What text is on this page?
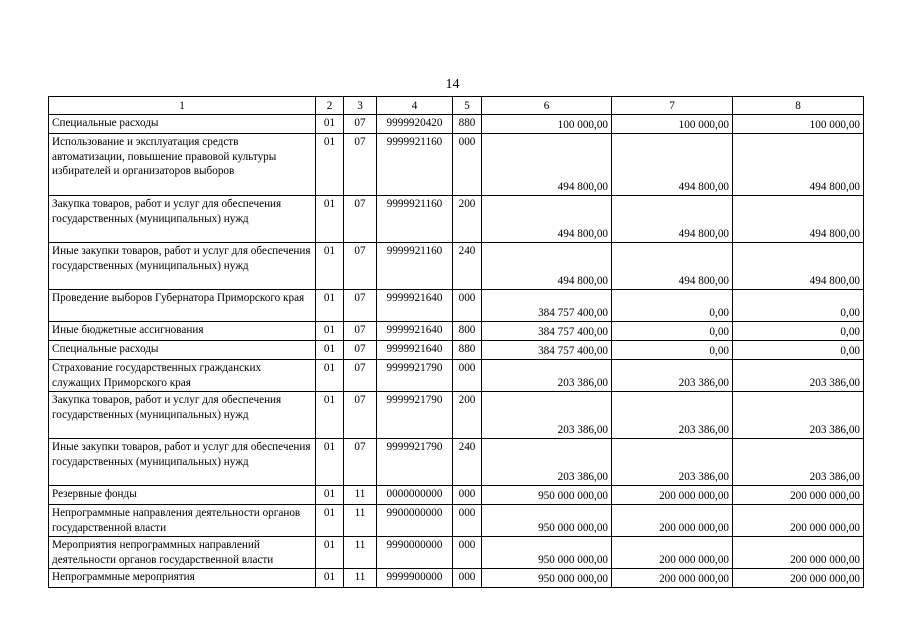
14
1	2	3	4	5	6	7	8
Специальные расходы	01	07	9999920420	880	100 000,00	100 000,00	100 000,00
Использование и эксплуатация средств автоматизации, повышение правовой культуры избирателей и организаторов выборов	01	07	9999921160	000	494 800,00	494 800,00	494 800,00
Закупка товаров, работ и услуг для обеспечения государственных (муниципальных) нужд	01	07	9999921160	200	494 800,00	494 800,00	494 800,00
Иные закупки товаров, работ и услуг для обеспечения государственных (муниципальных) нужд	01	07	9999921160	240	494 800,00	494 800,00	494 800,00
Проведение выборов Губернатора Приморского края	01	07	9999921640	000	384 757 400,00	0,00	0,00
Иные бюджетные ассигнования	01	07	9999921640	800	384 757 400,00	0,00	0,00
Специальные расходы	01	07	9999921640	880	384 757 400,00	0,00	0,00
Страхование государственных гражданских служащих Приморского края	01	07	9999921790	000	203 386,00	203 386,00	203 386,00
Закупка товаров, работ и услуг для обеспечения государственных (муниципальных) нужд	01	07	9999921790	200	203 386,00	203 386,00	203 386,00
Иные закупки товаров, работ и услуг для обеспечения государственных (муниципальных) нужд	01	07	9999921790	240	203 386,00	203 386,00	203 386,00
Резервные фонды	01	11	0000000000	000	950 000 000,00	200 000 000,00	200 000 000,00
Непрограммные направления деятельности органов государственной власти	01	11	9900000000	000	950 000 000,00	200 000 000,00	200 000 000,00
Мероприятия непрограммных направлений деятельности органов государственной власти	01	11	9990000000	000	950 000 000,00	200 000 000,00	200 000 000,00
Непрограммные мероприятия	01	11	9999900000	000	950 000 000,00	200 000 000,00	200 000 000,00
